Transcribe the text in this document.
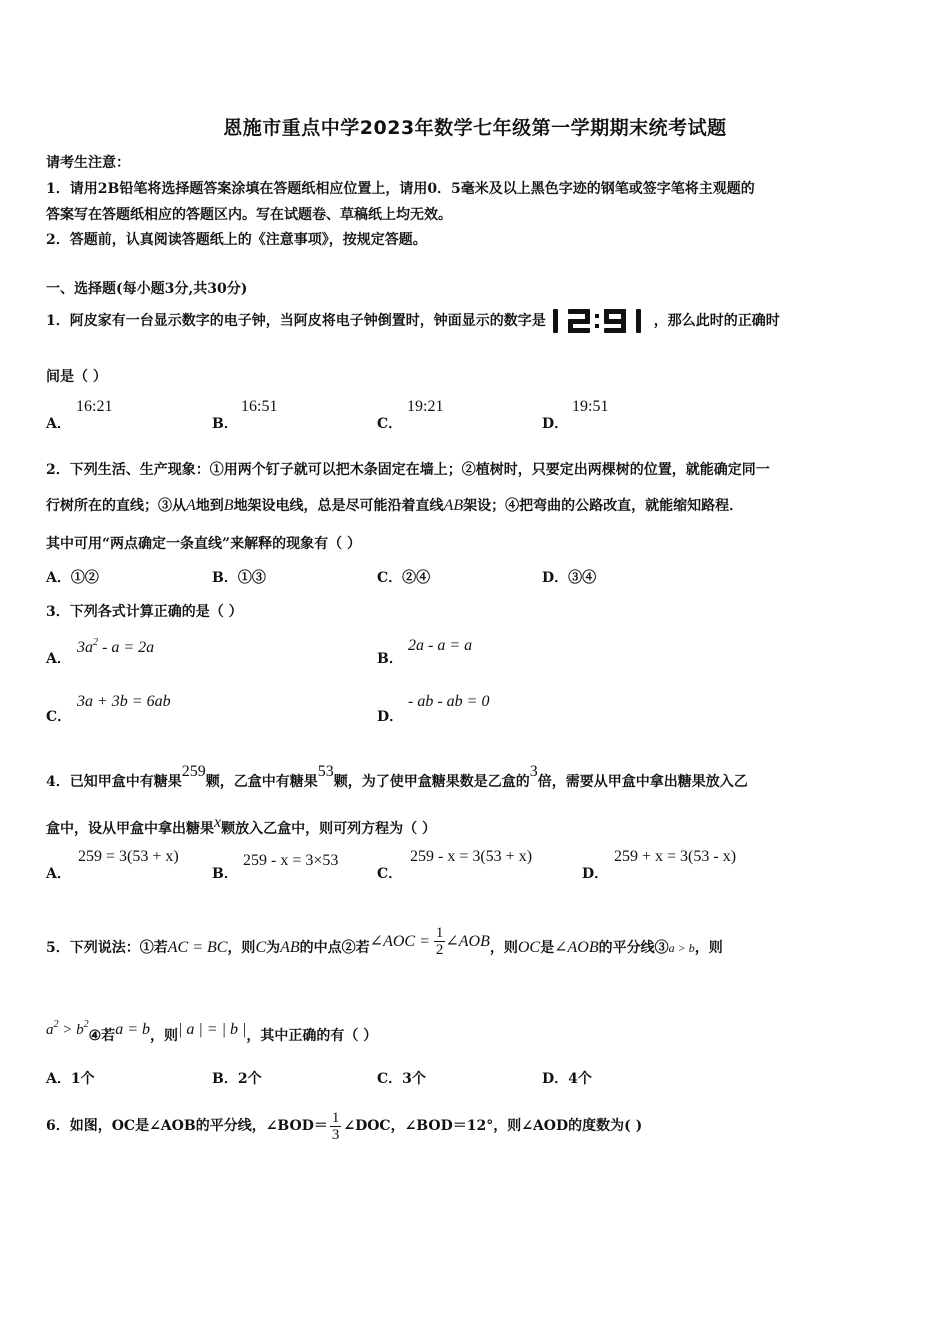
恩施市重点中学2023年数学七年级第一学期期末统考试题
请考生注意：
1．请用2B铅笔将选择题答案涂填在答题纸相应位置上，请用0．5毫米及以上黑色字迹的钢笔或签字笔将主观题的
答案写在答题纸相应的答题区内。写在试题卷、草稿纸上均无效。
2．答题前，认真阅读答题纸上的《注意事项》，按规定答题。
一、选择题(每小题3分,共30分)
1．阿皮家有一台显示数字的电子钟，当阿皮将电子钟倒置时，钟面显示的数字是
12:91
，那么此时的正确时
间是（ ）
A．
16:21
B．
16:51
C．
19:21
D．
19:51
2．下列生活、生产现象：①用两个钉子就可以把木条固定在墙上；②植树时，只要定出两棵树的位置，就能确定同一
行树所在的直线；③从A地到B地架设电线，总是尽可能沿着直线AB架设；④把弯曲的公路改直，就能缩知路程．
其中可用“两点确定一条直线”来解释的现象有（ ）
A．①②	B．①③	C．②④	D．③④
3．下列各式计算正确的是（ ）
A．
$3a^2 - a = 2a$
B．
2a - a = a
C．
3a + 3b = 6ab
D．
- ab - ab = 0
4．已知甲盒中有糖果259颗，乙盒中有糖果53颗，为了使甲盒糖果数是乙盒的3倍，需要从甲盒中拿出糖果放入乙
盒中，设从甲盒中拿出糖果x颗放入乙盒中，则可列方程为（ ）
A．
259 = 3(53 + x)
B．
259 - x = 3×53
C．
259 - x = 3(53 + x)
D．
259 + x = 3(53 - x)
5．下列说法：①若AC = BC，则C为AB的中点②若∠AOC = $\frac{1}{2}$ ∠AOB，则OC是∠AOB的平分线③a > b，则
$a^2$ > $b^2④$若a = b，则| a | = | b |，其中正确的有（ ）
A．1个	B．2个	C．3个	D．4个
6．如图，OC是∠AOB的平分线，∠BOD＝ $\frac{1}{3}$ ∠DOC，∠BOD＝12°，则∠AOD的度数为( )
